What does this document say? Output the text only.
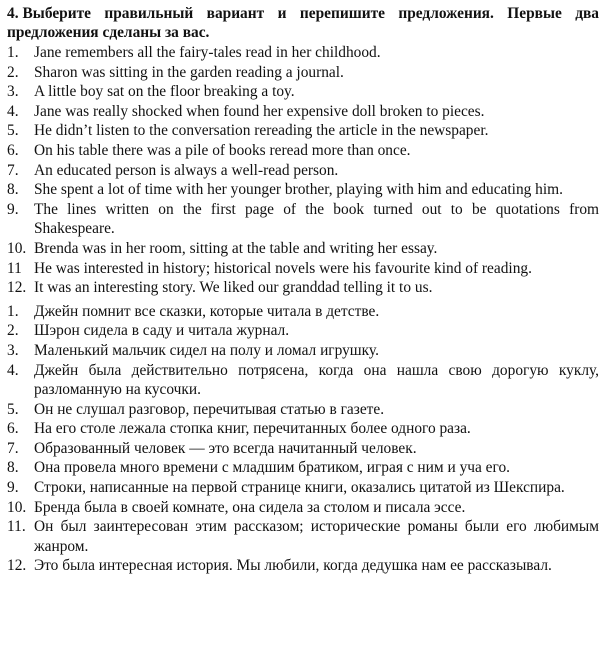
4. Выберите правильный вариант и перепишите предложения. Первые два предложения сделаны за вас.
1.	Jane remembers all the fairy-tales read in her childhood.
2.	Sharon was sitting in the garden reading a journal.
3.	A little boy sat on the floor breaking a toy.
4.	Jane was really shocked when found her expensive doll broken to pieces.
5.	He didn’t listen to the conversation rereading the article in the newspaper.
6.	On his table there was a pile of books reread more than once.
7.	An educated person is always a well-read person.
8.	She spent a lot of time with her younger brother, playing with him and educating him.
9.	The lines written on the first page of the book turned out to be quotations from Shakespeare.
10. Brenda was in her room, sitting at the table and writing her essay.
11 He was interested in history; historical novels were his favourite kind of reading.
12. It was an interesting story. We liked our granddad telling it to us.
1.	Джейн помнит все сказки, которые читала в детстве.
2.	Шэрон сидела в саду и читала журнал.
3.	Маленький мальчик сидел на полу и ломал игрушку.
4.	Джейн была действительно потрясена, когда она нашла свою дорогую куклу, разломанную на кусочки.
5.	Он не слушал разговор, перечитывая статью в газете.
6.	На его столе лежала стопка книг, перечитанных более одного раза.
7.	Образованный человек — это всегда начитанный человек.
8.	Она провела много времени с младшим братиком, играя с ним и уча его.
9.	Строки, написанные на первой странице книги, оказались цитатой из Шекспира.
10. Бренда была в своей комнате, она сидела за столом и писала эссе.
11. Он был заинтересован этим рассказом; исторические романы были его любимым жанром.
12. Это была интересная история. Мы любили, когда дедушка нам ее рассказывал.
